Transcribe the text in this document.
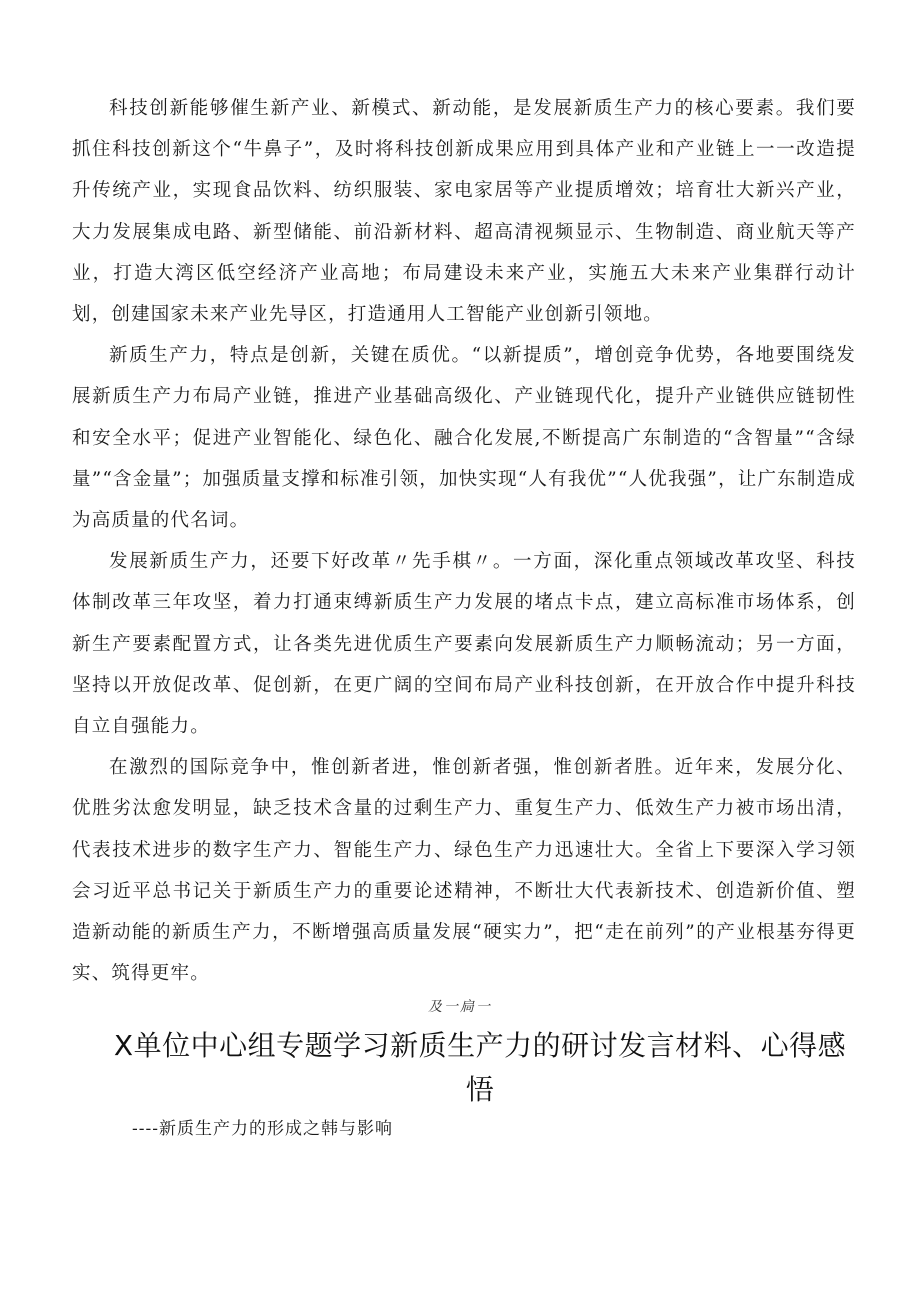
科技创新能够催生新产业、新模式、新动能，是发展新质生产力的核心要素。我们要抓住科技创新这个“牛鼻子”，及时将科技创新成果应用到具体产业和产业链上一一改造提升传统产业，实现食品饮料、纺织服装、家电家居等产业提质增效；培育壮大新兴产业，大力发展集成电路、新型储能、前沿新材料、超高清视频显示、生物制造、商业航天等产业，打造大湾区低空经济产业高地；布局建设未来产业，实施五大未来产业集群行动计划，创建国家未来产业先导区，打造通用人工智能产业创新引领地。

新质生产力，特点是创新，关键在质优。“以新提质”，增创竞争优势，各地要围绕发展新质生产力布局产业链，推进产业基础高级化、产业链现代化，提升产业链供应链韧性和安全水平；促进产业智能化、绿色化、融合化发展,不断提高广东制造的“含智量”“含绿量”“含金量”；加强质量支撑和标准引领，加快实现“人有我优”“人优我强”，让广东制造成为高质量的代名词。

发展新质生产力，还要下好改革〃先手棋〃。一方面，深化重点领域改革攻坚、科技体制改革三年攻坚，着力打通束缚新质生产力发展的堵点卡点，建立高标准市场体系，创新生产要素配置方式，让各类先进优质生产要素向发展新质生产力顺畅流动；另一方面，坚持以开放促改革、促创新，在更广阔的空间布局产业科技创新，在开放合作中提升科技自立自强能力。

在激烈的国际竞争中，惟创新者进，惟创新者强，惟创新者胜。近年来，发展分化、优胜劣汰愈发明显，缺乏技术含量的过剩生产力、重复生产力、低效生产力被市场出清，代表技术进步的数字生产力、智能生产力、绿色生产力迅速壮大。全省上下要深入学习领会习近平总书记关于新质生产力的重要论述精神，不断壮大代表新技术、创造新价值、塑造新动能的新质生产力，不断增强高质量发展“硬实力”，把“走在前列”的产业根基夯得更实、筑得更牢。

及一扃一
X单位中心组专题学习新质生产力的研讨发言材料、心得感悟
----新质生产力的形成之韩与影响
